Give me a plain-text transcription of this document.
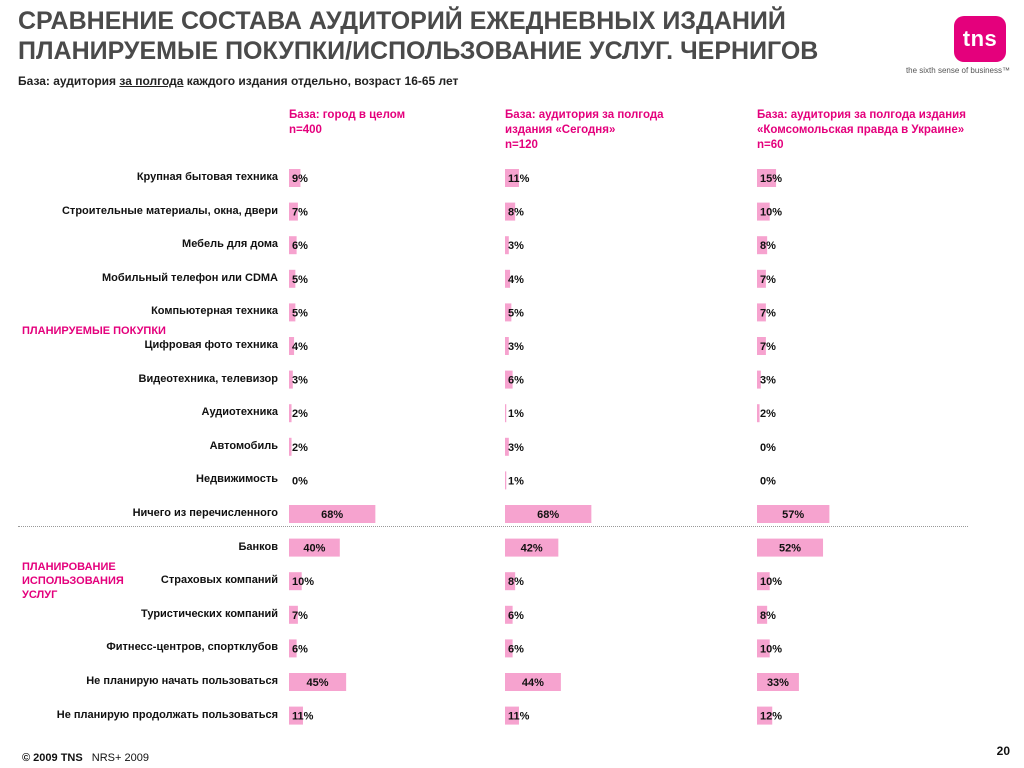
СРАВНЕНИЕ СОСТАВА АУДИТОРИЙ ЕЖЕДНЕВНЫХ ИЗДАНИЙ
ПЛАНИРУЕМЫЕ ПОКУПКИ/ИСПОЛЬЗОВАНИЕ УСЛУГ. ЧЕРНИГОВ	tns
the sixth sense of business™
База: аудитория за полгода каждого издания отдельно, возраст 16-65 лет
База: город в целом
n=400
База: аудитория за полгода
издания «Сегодня»
n=120
База: аудитория за полгода издания
«Комсомольская правда в Украине»
n=60
ПЛАНИРУЕМЫЕ ПОКУПКИ
ПЛАНИРОВАНИЕ ИСПОЛЬЗОВАНИЯ УСЛУГ
Крупная бытовая техника
Строительные материалы, окна, двери
Мебель для дома
Мобильный телефон или CDMA
Компьютерная техника
Цифровая фото техника
Видеотехника, телевизор
Аудиотехника
Автомобиль
Недвижимость
Ничего из перечисленного
Банков
Страховых компаний
Туристических компаний
Фитнесс-центров, спортклубов
Не планирую начать пользоваться
Не планирую продолжать пользоваться
9%
7%
6%
5%
5%
4%
3%
2%
2%
0%
68%
40%
10%
7%
6%
45%
11%
11%
8%
3%
4%
5%
3%
6%
1%
3%
1%
68%
42%
8%
6%
6%
44%
11%
15%
10%
8%
7%
7%
7%
3%
2%
0%
0%
57%
52%
10%
8%
10%
33%
12%
© 2009 TNS NRS+ 2009	20
